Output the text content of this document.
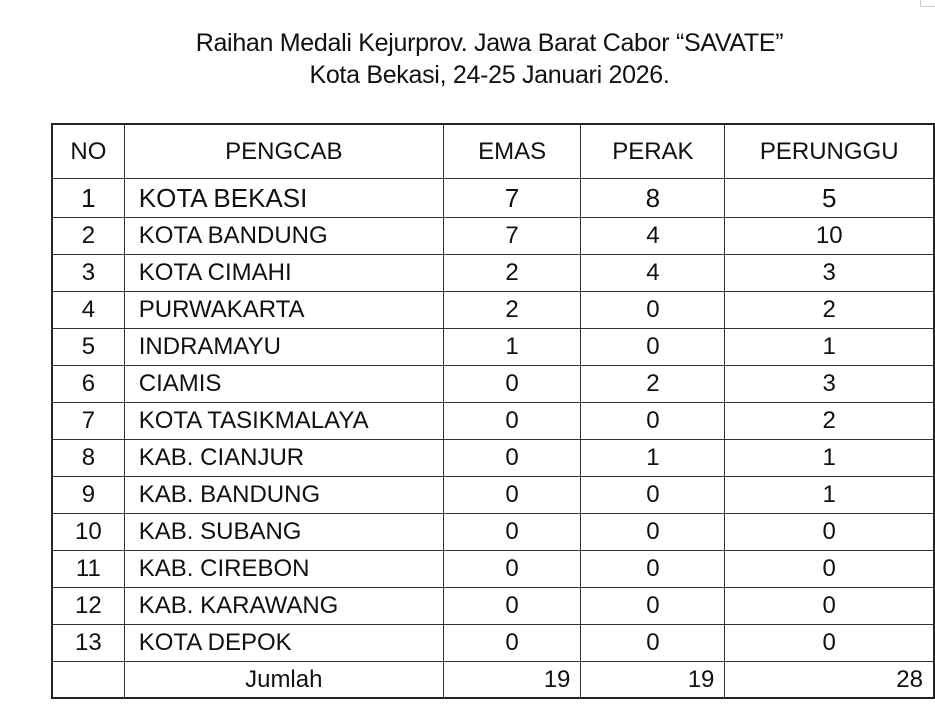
Raihan Medali Kejurprov. Jawa Barat Cabor “SAVATE”
Kota Bekasi, 24-25 Januari 2026.
NO	PENGCAB	EMAS	PERAK	PERUNGGU
1	KOTA BEKASI	7	8	5
2	KOTA BANDUNG	7	4	10
3	KOTA CIMAHI	2	4	3
4	PURWAKARTA	2	0	2
5	INDRAMAYU	1	0	1
6	CIAMIS	0	2	3
7	KOTA TASIKMALAYA	0	0	2
8	KAB. CIANJUR	0	1	1
9	KAB. BANDUNG	0	0	1
10	KAB. SUBANG	0	0	0
11	KAB. CIREBON	0	0	0
12	KAB. KARAWANG	0	0	0
13	KOTA DEPOK	0	0	0
	Jumlah	19	19	28
